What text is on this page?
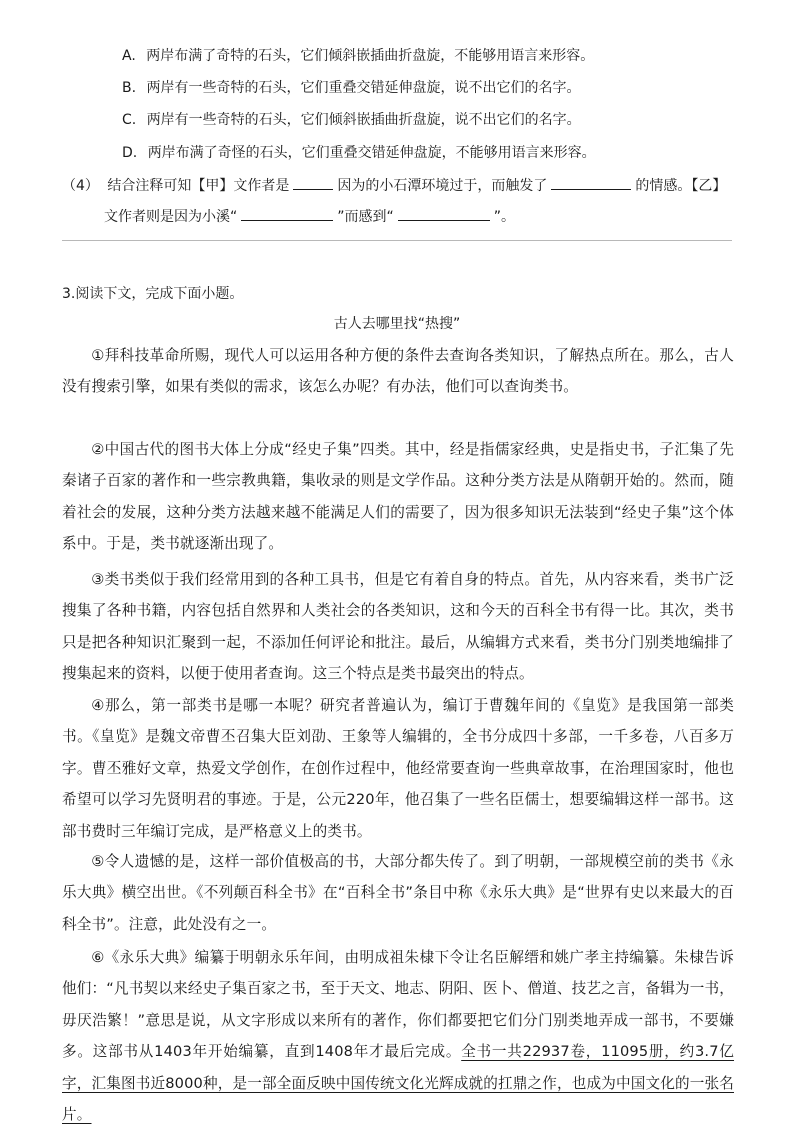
A. 两岸布满了奇特的石头，它们倾斜嵌插曲折盘旋，不能够用语言来形容。
B. 两岸有一些奇特的石头，它们重叠交错延伸盘旋，说不出它们的名字。
C. 两岸有一些奇特的石头，它们倾斜嵌插曲折盘旋，说不出它们的名字。
D. 两岸布满了奇怪的石头，它们重叠交错延伸盘旋，不能够用语言来形容。
（4） 结合注释可知【甲】文作者是	因为的小石潭环境过于，而触发了	的情感。【乙】
文作者则是因为小溪“	”而感到“	”。
3.阅读下文，完成下面小题。
古人去哪里找“热搜”
①拜科技革命所赐，现代人可以运用各种方便的条件去查询各类知识，了解热点所在。那么，古人没有搜索引擎，如果有类似的需求，该怎么办呢？有办法，他们可以查询类书。
②中国古代的图书大体上分成“经史子集”四类。其中，经是指儒家经典，史是指史书，子汇集了先秦诸子百家的著作和一些宗教典籍，集收录的则是文学作品。这种分类方法是从隋朝开始的。然而，随着社会的发展，这种分类方法越来越不能满足人们的需要了，因为很多知识无法装到“经史子集”这个体系中。于是，类书就逐渐出现了。
③类书类似于我们经常用到的各种工具书，但是它有着自身的特点。首先，从内容来看，类书广泛搜集了各种书籍，内容包括自然界和人类社会的各类知识，这和今天的百科全书有得一比。其次，类书只是把各种知识汇聚到一起，不添加任何评论和批注。最后，从编辑方式来看，类书分门别类地编排了搜集起来的资料，以便于使用者查询。这三个特点是类书最突出的特点。
④那么，第一部类书是哪一本呢？研究者普遍认为，编订于曹魏年间的《皇览》是我国第一部类书。《皇览》是魏文帝曹丕召集大臣刘劭、王象等人编辑的，全书分成四十多部，一千多卷，八百多万字。曹丕雅好文章，热爱文学创作，在创作过程中，他经常要查询一些典章故事，在治理国家时，他也希望可以学习先贤明君的事迹。于是，公元220年，他召集了一些名臣儒士，想要编辑这样一部书。这部书费时三年编订完成，是严格意义上的类书。
⑤令人遗憾的是，这样一部价值极高的书，大部分都失传了。到了明朝，一部规模空前的类书《永乐大典》横空出世。《不列颠百科全书》在“百科全书”条目中称《永乐大典》是“世界有史以来最大的百科全书”。注意，此处没有之一。
⑥《永乐大典》编纂于明朝永乐年间，由明成祖朱棣下令让名臣解缙和姚广孝主持编纂。朱棣告诉他们：“凡书契以来经史子集百家之书，至于天文、地志、阴阳、医卜、僧道、技艺之言，备辑为一书，毋厌浩繁！”意思是说，从文字形成以来所有的著作，你们都要把它们分门别类地弄成一部书，不要嫌多。这部书从1403年开始编纂，直到1408年才最后完成。全书一共22937卷，11095册，约3.7亿字，汇集图书近8000种，是一部全面反映中国传统文化光辉成就的扛鼎之作，也成为中国文化的一张名片。
